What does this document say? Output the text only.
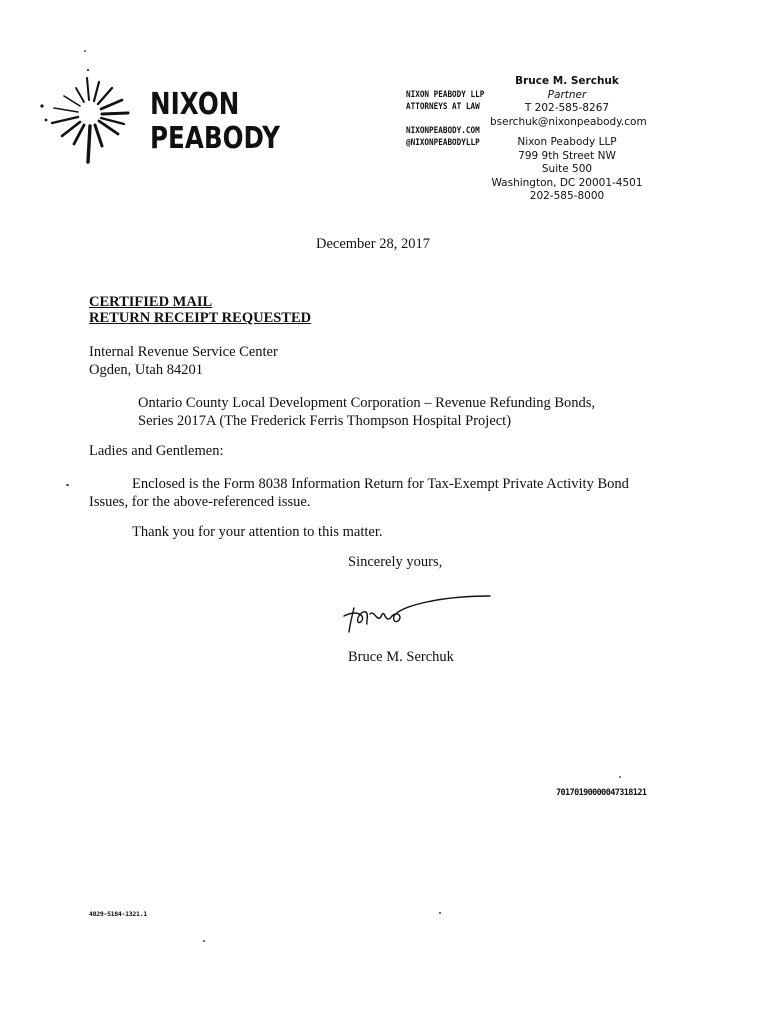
NIXON
PEABODY
NIXON PEABODY LLP
ATTORNEYS AT LAW
NIXONPEABODY.COM
@NIXONPEABODYLLP
Bruce M. Serchuk
Partner
T 202-585-8267
bserchuk@nixonpeabody.com
Nixon Peabody LLP
799 9th Street NW
Suite 500
Washington, DC 20001-4501
202-585-8000
December 28, 2017
CERTIFIED MAIL
RETURN RECEIPT REQUESTED
Internal Revenue Service Center
Ogden, Utah 84201
Ontario County Local Development Corporation – Revenue Refunding Bonds,
Series 2017A (The Frederick Ferris Thompson Hospital Project)
Ladies and Gentlemen:
Enclosed is the Form 8038 Information Return for Tax-Exempt Private Activity Bond
Issues, for the above-referenced issue.
Thank you for your attention to this matter.
Sincerely yours,
Bruce M. Serchuk
70170190000047318121
4829-5184-1321.1
